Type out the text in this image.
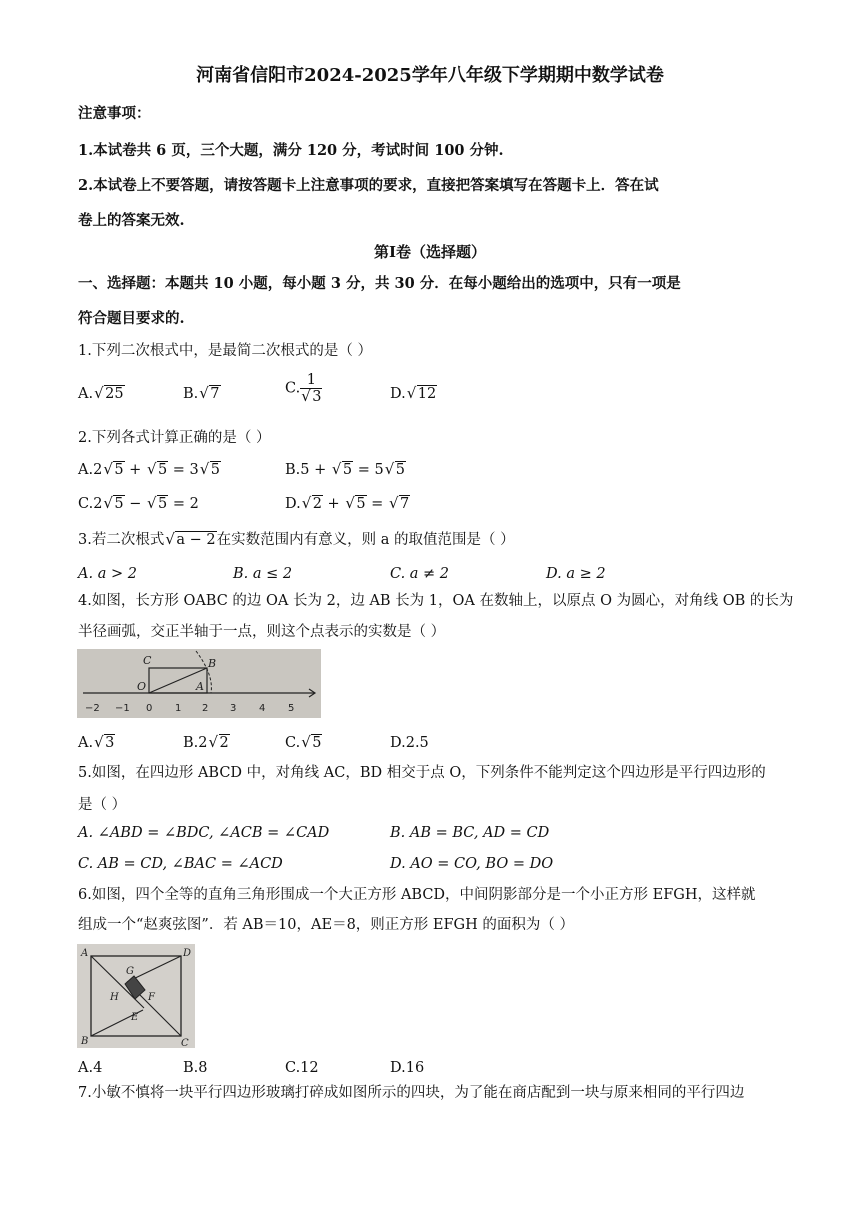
河南省信阳市2024-2025学年八年级下学期期中数学试卷
注意事项：
1.本试卷共 6 页，三个大题，满分 120 分，考试时间 100 分钟.
2.本试卷上不要答题，请按答题卡上注意事项的要求，直接把答案填写在答题卡上．答在试
卷上的答案无效.
第Ⅰ卷（选择题）
一、选择题：本题共 10 小题，每小题 3 分，共 30 分．在每小题给出的选项中，只有一项是
符合题目要求的.
1.下列二次根式中，是最简二次根式的是（ ）
A. √ 25	B. √ 7	C. $\frac{1}{√ 3}$	D. √ 12
2.下列各式计算正确的是（ ）
A.2 √ 5 + √ 5 = 3 √ 5	B.5 + √ 5 = 5 √ 5
C.2 √ 5 − √ 5 = 2	D. √ 2 + √ 5 = √ 7
3.若二次根式 √ a − 2在实数范围内有意义，则 a 的取值范围是（ ）
A. a > 2	B. a ≤ 2	C. a ≠ 2	D. a ≥ 2
4.如图，长方形 OABC 的边 OA 长为 2，边 AB 长为 1，OA 在数轴上，以原点 O 为圆心，对角线 OB 的长为
半径画弧，交正半轴于一点，则这个点表示的实数是（ ）
C	B
O	A
−2 −1 0 1 2 3 4 5
A. √ 3	B.2 √ 2	C. √ 5	D.2.5
5.如图，在四边形 ABCD 中，对角线 AC，BD 相交于点 O，下列条件不能判定这个四边形是平行四边形的
是（ ）
A. ∠ABD = ∠BDC, ∠ACB = ∠CAD	B. AB = BC, AD = CD
C. AB = CD, ∠BAC = ∠ACD	D. AO = CO, BO = DO
6.如图，四个全等的直角三角形围成一个大正方形 ABCD，中间阴影部分是一个小正方形 EFGH，这样就
组成一个“赵爽弦图”．若 AB＝10，AE＝8，则正方形 EFGH 的面积为（ ）
A	D
G
H	F
E
B	C
A.4	B.8	C.12	D.16
7.小敏不慎将一块平行四边形玻璃打碎成如图所示的四块，为了能在商店配到一块与原来相同的平行四边
